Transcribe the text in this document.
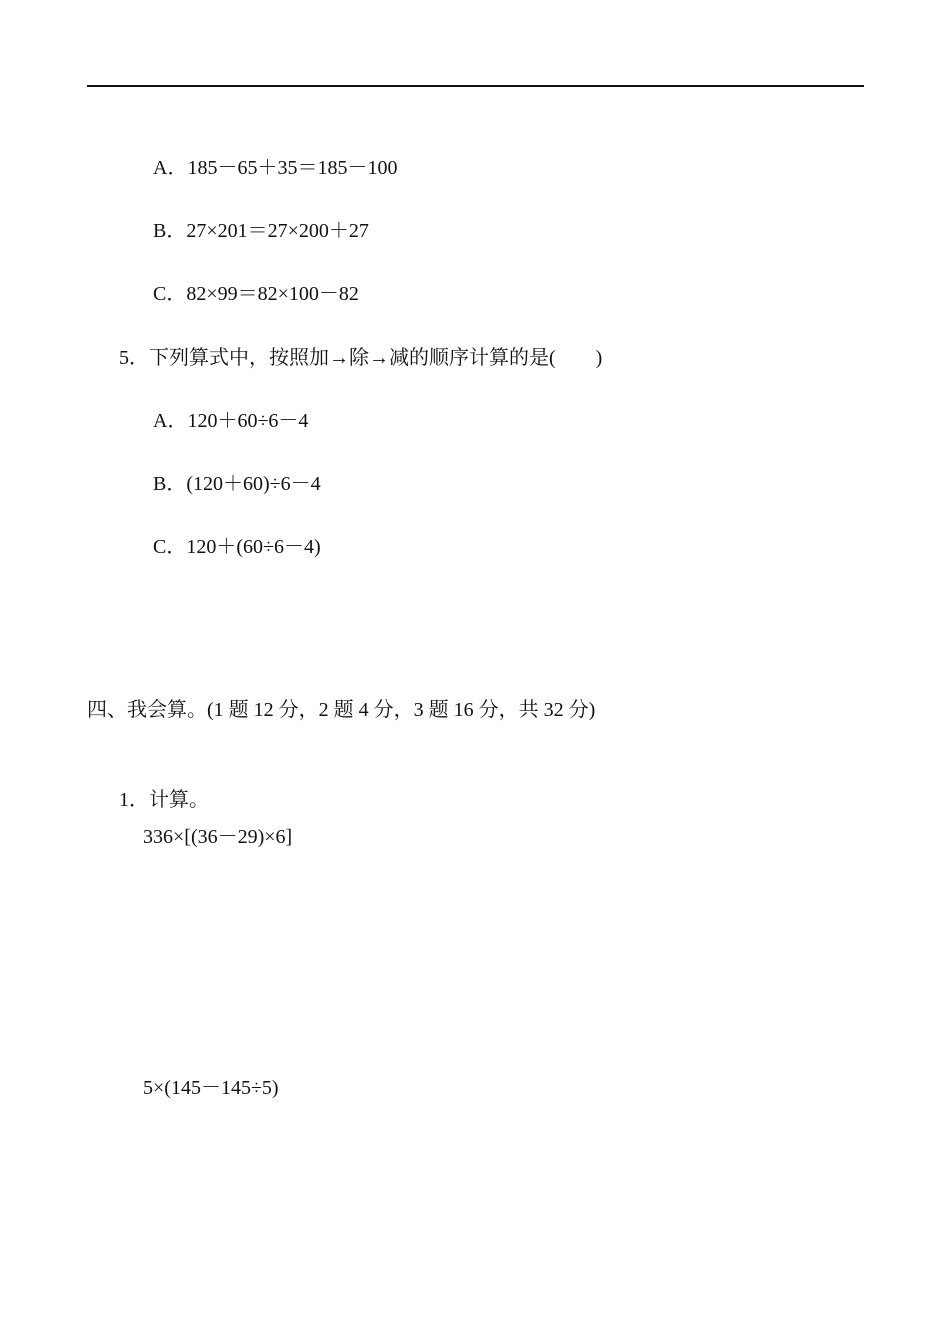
A．185－65＋35＝185－100

B．27×201＝27×200＋27

C．82×99＝82×100－82

5．下列算式中，按照加→除→减的顺序计算的是(　　)

A．120＋60÷6－4

B．(120＋60)÷6－4

C．120＋(60÷6－4)

四、我会算。(1 题 12 分，2 题 4 分，3 题 16 分，共 32 分)

1．计算。

336×[(36－29)×6]
5×(145－145÷5)
